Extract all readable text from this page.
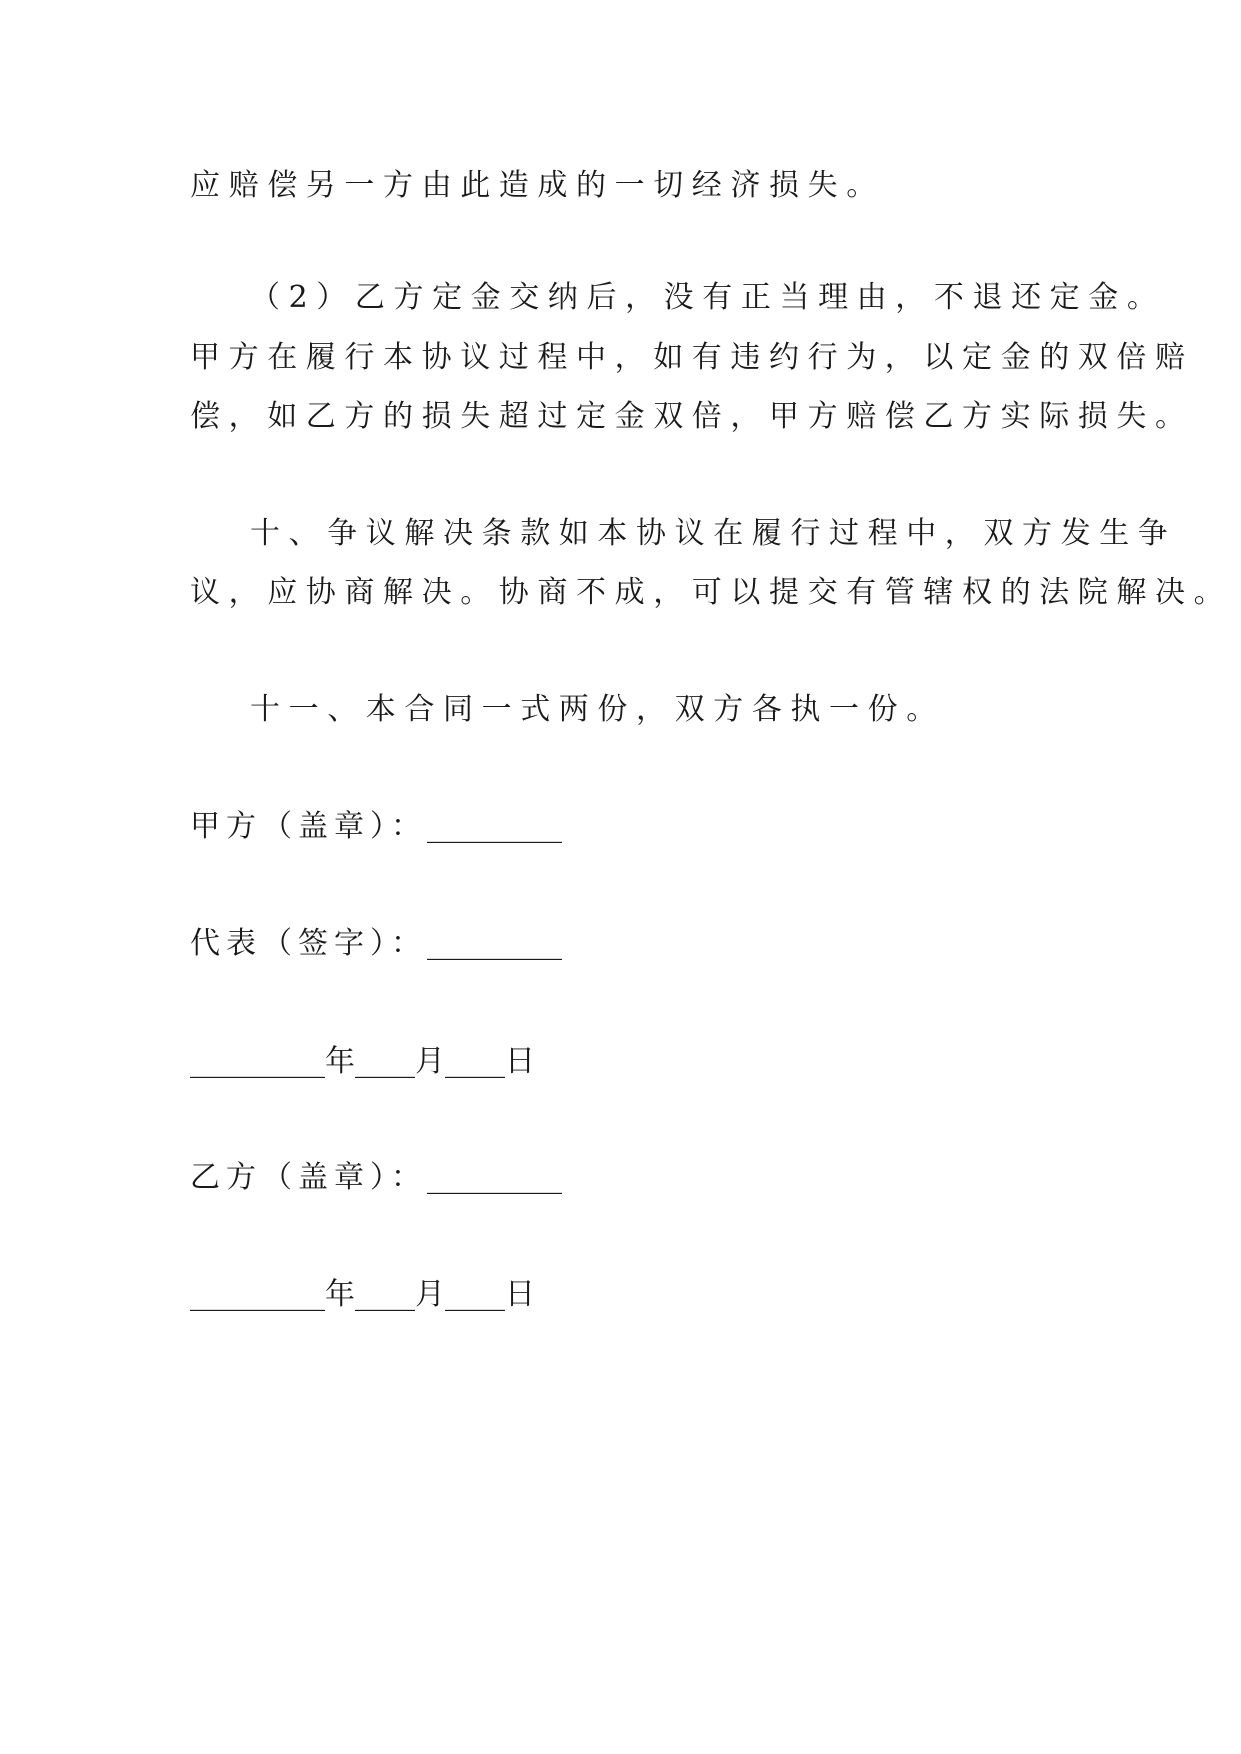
应赔偿另一方由此造成的一切经济损失。
（2）乙方定金交纳后，没有正当理由，不退还定金。
甲方在履行本协议过程中，如有违约行为，以定金的双倍赔
偿，如乙方的损失超过定金双倍，甲方赔偿乙方实际损失。
十、争议解决条款如本协议在履行过程中，双方发生争
议，应协商解决。协商不成，可以提交有管辖权的法院解决。
十一、本合同一式两份，双方各执一份。
甲方（盖章）：_________
代表（签字）：_________
_________年____月____日
乙方（盖章）：_________
_________年____月____日
